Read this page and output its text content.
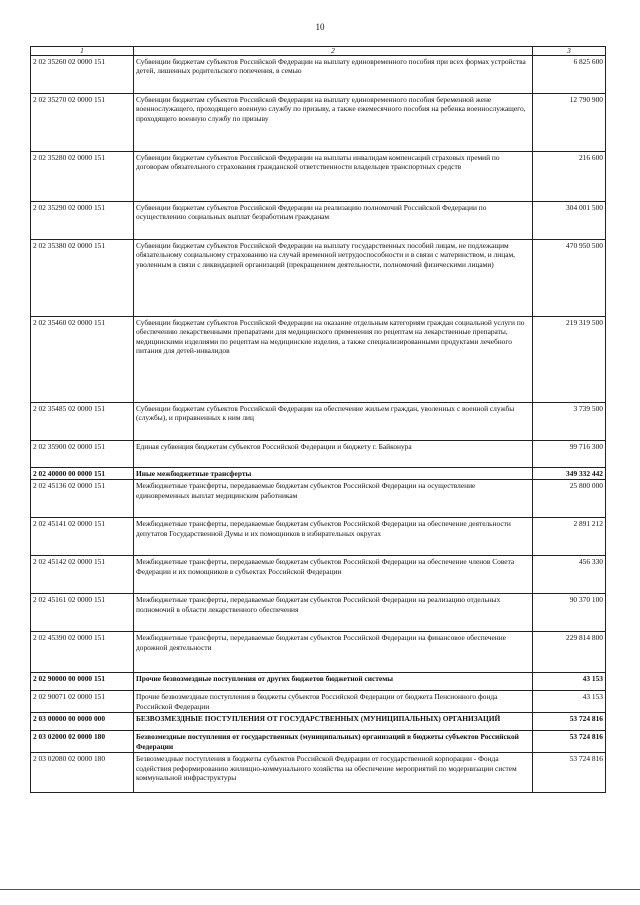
10
1	2	3
2 02 35260 02 0000 151	Субвенции бюджетам субъектов Российской Федерации на выплату единовременного пособия при всех формах устройства детей, лишенных родительского попечения, в семью	6 825 600
2 02 35270 02 0000 151	Субвенции бюджетам субъектов Российской Федерации на выплату единовременного пособия беременной жене военнослужащего, проходящего военную службу по призыву, а также ежемесячного пособия на ребенка военнослужащего, проходящего военную службу по призыву	12 790 900
2 02 35280 02 0000 151	Субвенции бюджетам субъектов Российской Федерации на выплаты инвалидам компенсаций страховых премий по договорам обязательного страхования гражданской ответственности владельцев транспортных средств	216 600
2 02 35290 02 0000 151	Субвенции бюджетам субъектов Российской Федерации на реализацию полномочий Российской Федерации по осуществлению социальных выплат безработным гражданам	304 001 500
2 02 35380 02 0000 151	Субвенции бюджетам субъектов Российской Федерации на выплату государственных пособий лицам, не подлежащим обязательному социальному страхованию на случай временной нетрудоспособности и в связи с материнством, и лицам, уволенным в связи с ликвидацией организаций (прекращением деятельности, полномочий физическими лицами)	470 950 500
2 02 35460 02 0000 151	Субвенции бюджетам субъектов Российской Федерации на оказание отдельным категориям граждан социальной услуги по обеспечению лекарственными препаратами для медицинского применения по рецептам на лекарственные препараты, медицинскими изделиями по рецептам на медицинские изделия, а также специализированными продуктами лечебного питания для детей-инвалидов	219 319 500
2 02 35485 02 0000 151	Субвенции бюджетам субъектов Российской Федерации на обеспечение жильем граждан, уволенных с военной службы (службы), и приравненных к ним лиц	3 739 500
2 02 35900 02 0000 151	Единая субвенция бюджетам субъектов Российской Федерации и бюджету г. Байконура	99 716 300
2 02 40000 00 0000 151	Иные межбюджетные трансферты	349 332 442
2 02 45136 02 0000 151	Межбюджетные трансферты, передаваемые бюджетам субъектов Российской Федерации на осуществление единовременных выплат медицинским работникам	25 800 000
2 02 45141 02 0000 151	Межбюджетные трансферты, передаваемые бюджетам субъектов Российской Федерации на обеспечение деятельности депутатов Государственной Думы и их помощников в избирательных округах	2 891 212
2 02 45142 02 0000 151	Межбюджетные трансферты, передаваемые бюджетам субъектов Российской Федерации на обеспечение членов Совета Федерации и их помощников в субъектах Российской Федерации	456 330
2 02 45161 02 0000 151	Межбюджетные трансферты, передаваемые бюджетам субъектов Российской Федерации на реализацию отдельных полномочий в области лекарственного обеспечения	90 370 100
2 02 45390 02 0000 151	Межбюджетные трансферты, передаваемые бюджетам субъектов Российской Федерации на финансовое обеспечение дорожной деятельности	229 814 800
2 02 90000 00 0000 151	Прочие безвозмездные поступления от других бюджетов бюджетной системы	43 153
2 02 90071 02 0000 151	Прочие безвозмездные поступления в бюджеты субъектов Российской Федерации от бюджета Пенсионного фонда Российской Федерации	43 153
2 03 00000 00 0000 000	БЕЗВОЗМЕЗДНЫЕ ПОСТУПЛЕНИЯ ОТ ГОСУДАРСТВЕННЫХ (МУНИЦИПАЛЬНЫХ) ОРГАНИЗАЦИЙ	53 724 816
2 03 02000 02 0000 180	Безвозмездные поступления от государственных (муниципальных) организаций в бюджеты субъектов Российской Федерации	53 724 816
2 03 02080 02 0000 180	Безвозмездные поступления в бюджеты субъектов Российской Федерации от государственной корпорации - Фонда содействия реформированию жилищно-коммунального хозяйства на обеспечение мероприятий по модернизации систем коммунальной инфраструктуры	53 724 816
